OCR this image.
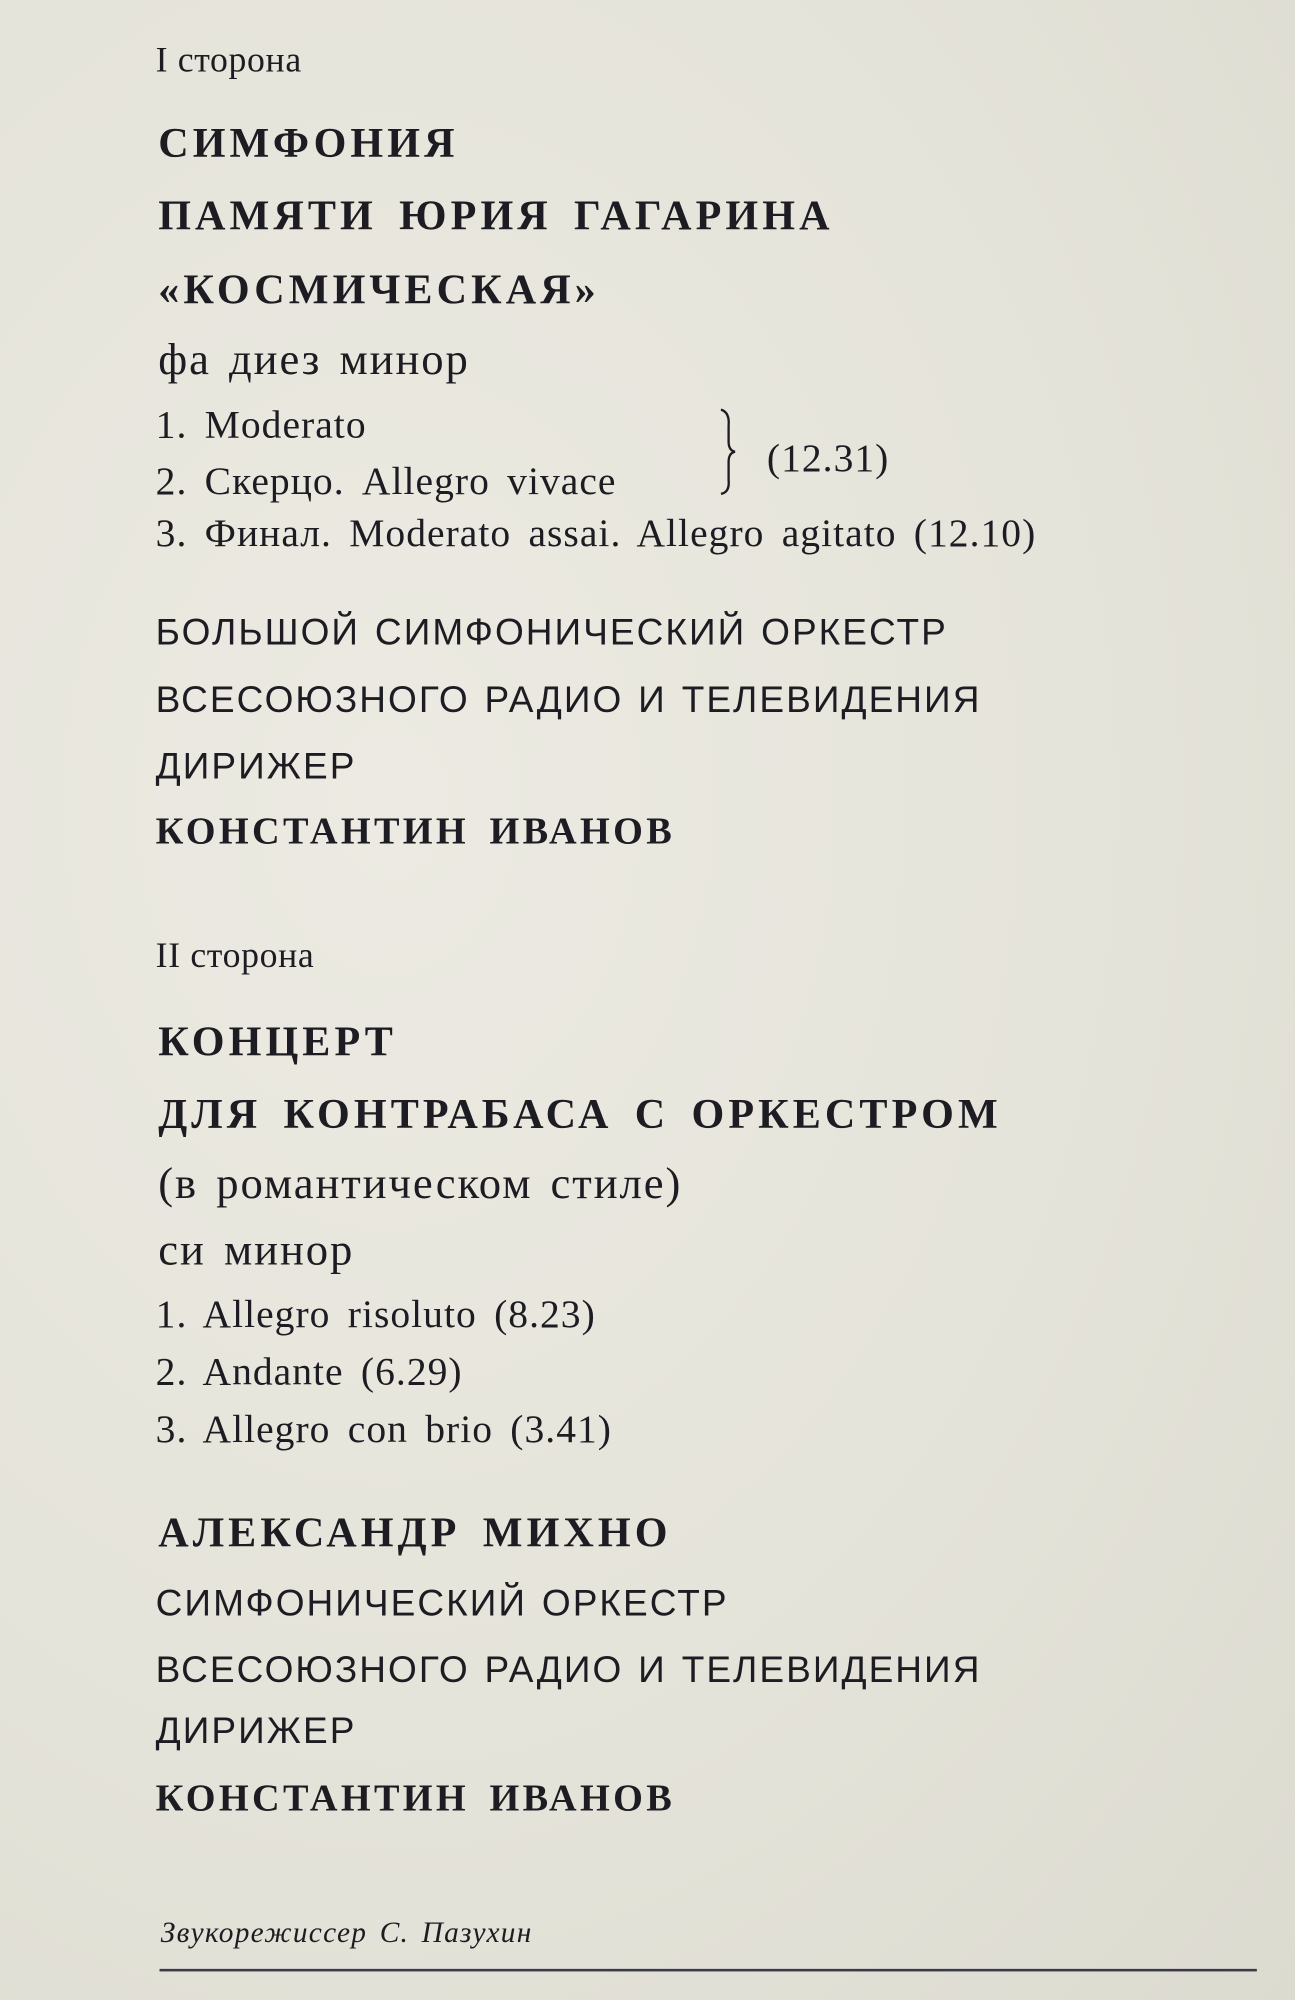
I сторона
СИМФОНИЯ
ПАМЯТИ ЮРИЯ ГАГАРИНА
«КОСМИЧЕСКАЯ»
фа диез минор
1. Moderato
2. Скерцо. Allegro vivace
(12.31)
3. Финал. Moderato assai. Allegro agitato (12.10)
БОЛЬШОЙ СИМФОНИЧЕСКИЙ ОРКЕСТР
ВСЕСОЮЗНОГО РАДИО И ТЕЛЕВИДЕНИЯ
ДИРИЖЕР
КОНСТАНТИН ИВАНОВ
II сторона
КОНЦЕРТ
ДЛЯ КОНТРАБАСА С ОРКЕСТРОМ
(в романтическом стиле)
си минор
1. Allegro risoluto (8.23)
2. Andante (6.29)
3. Allegro con brio (3.41)
АЛЕКСАНДР МИХНО
СИМФОНИЧЕСКИЙ ОРКЕСТР
ВСЕСОЮЗНОГО РАДИО И ТЕЛЕВИДЕНИЯ
ДИРИЖЕР
КОНСТАНТИН ИВАНОВ
Звукорежиссер С. Пазухин
